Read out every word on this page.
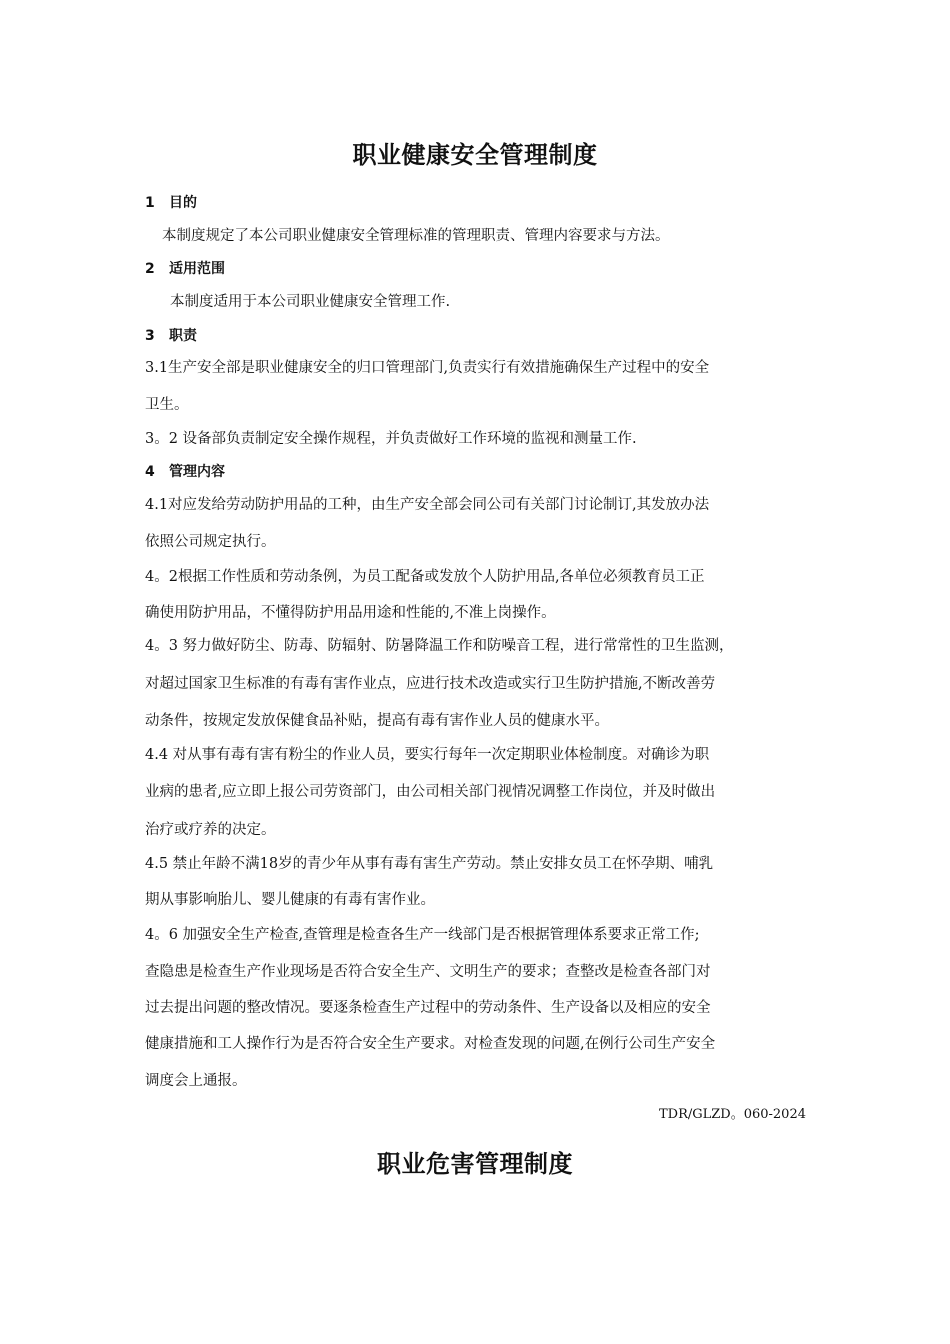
职业健康安全管理制度
1 目的

本制度规定了本公司职业健康安全管理标准的管理职责、管理内容要求与方法。

2 适用范围

本制度适用于本公司职业健康安全管理工作.

3 职责

3.1生产安全部是职业健康安全的归口管理部门,负责实行有效措施确保生产过程中的安全

卫生。

3。2 设备部负责制定安全操作规程，并负责做好工作环境的监视和测量工作.

4 管理内容

4.1对应发给劳动防护用品的工种，由生产安全部会同公司有关部门讨论制订,其发放办法

依照公司规定执行。

4。2根据工作性质和劳动条例，为员工配备或发放个人防护用品,各单位必须教育员工正

确使用防护用品，不懂得防护用品用途和性能的,不准上岗操作。

4。3 努力做好防尘、防毒、防辐射、防暑降温工作和防噪音工程，进行常常性的卫生监测，

对超过国家卫生标准的有毒有害作业点，应进行技术改造或实行卫生防护措施,不断改善劳

动条件，按规定发放保健食品补贴，提高有毒有害作业人员的健康水平。

4.4 对从事有毒有害有粉尘的作业人员，要实行每年一次定期职业体检制度。对确诊为职

业病的患者,应立即上报公司劳资部门，由公司相关部门视情况调整工作岗位，并及时做出

治疗或疗养的决定。

4.5 禁止年龄不满18岁的青少年从事有毒有害生产劳动。禁止安排女员工在怀孕期、哺乳

期从事影响胎儿、婴儿健康的有毒有害作业。

4。6 加强安全生产检查,查管理是检查各生产一线部门是否根据管理体系要求正常工作;

查隐患是检查生产作业现场是否符合安全生产、文明生产的要求；查整改是检查各部门对

过去提出问题的整改情况。要逐条检查生产过程中的劳动条件、生产设备以及相应的安全

健康措施和工人操作行为是否符合安全生产要求。对检查发现的问题,在例行公司生产安全

调度会上通报。

TDR/GLZD。060-2024
职业危害管理制度
